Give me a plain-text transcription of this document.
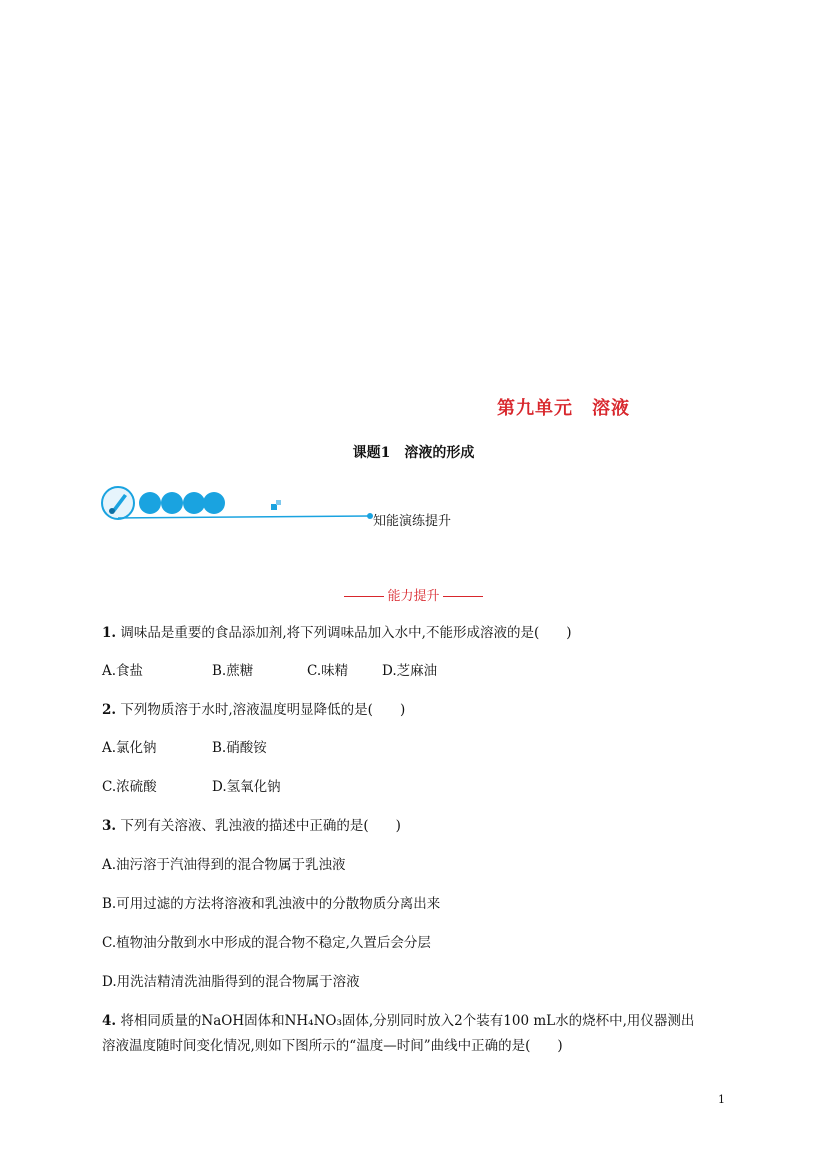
第九单元　溶液
课题1　溶液的形成
知能演练提升
能力提升
1. 调味品是重要的食品添加剂,将下列调味品加入水中,不能形成溶液的是(　　)
A.食盐	B.蔗糖	C.味精	D.芝麻油
2. 下列物质溶于水时,溶液温度明显降低的是(　　)
A.氯化钠	B.硝酸铵
C.浓硫酸	D.氢氧化钠
3. 下列有关溶液、乳浊液的描述中正确的是(　　)
A.油污溶于汽油得到的混合物属于乳浊液
B.可用过滤的方法将溶液和乳浊液中的分散物质分离出来
C.植物油分散到水中形成的混合物不稳定,久置后会分层
D.用洗洁精清洗油脂得到的混合物属于溶液
4. 将相同质量的NaOH固体和NH₄NO₃固体,分别同时放入2个装有100 mL水的烧杯中,用仪器测出
溶液温度随时间变化情况,则如下图所示的“温度—时间”曲线中正确的是(　　)
1
